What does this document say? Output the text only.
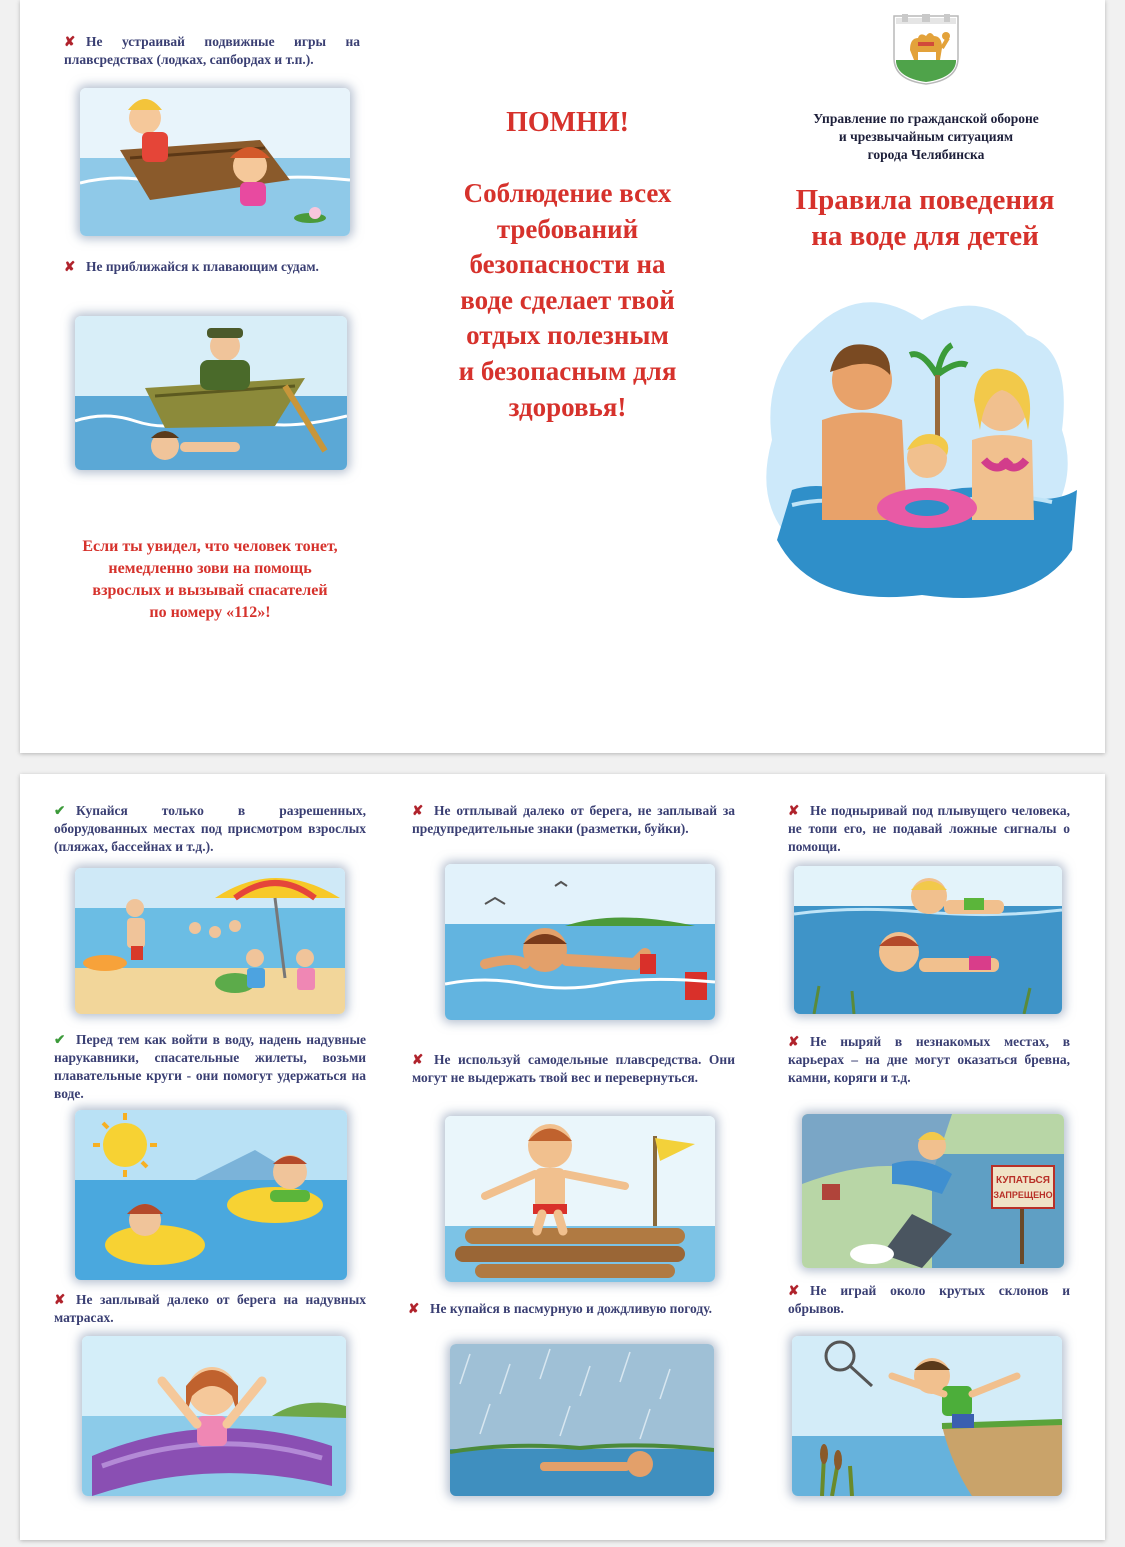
✘ Не устраивай подвижные игры на плавсредствах (лодках, сапбордах и т.п.).
✘ Не приближайся к плавающим судам.
Если ты увидел, что человек тонет,
немедленно зови на помощь
взрослых и вызывай спасателей
по номеру «112»!
ПОМНИ!
Соблюдение всех
требований
безопасности на
воде сделает твой
отдых полезным
и безопасным для
здоровья!
Управление по гражданской обороне
и чрезвычайным ситуациям
города Челябинска
Правила поведения
на воде для детей
✔ Купайся только в разрешенных, оборудованных местах под присмотром взрослых (пляжах, бассейнах и т.д.).
✔ Перед тем как войти в воду, надень надувные нарукавники, спасательные жилеты, возьми плавательные круги - они помогут удержаться на воде.
✘ Не заплывай далеко от берега на надувных матрасах.
✘ Не отплывай далеко от берега, не заплывай за предупредительные знаки (разметки, буйки).
✘ Не используй самодельные плавсредства. Они могут не выдержать твой вес и перевернуться.
✘ Не купайся в пасмурную и дождливую погоду.
✘ Не подныривай под плывущего человека, не топи его, не подавай ложные сигналы о помощи.
✘ Не ныряй в незнакомых местах, в карьерах – на дне могут оказаться бревна, камни, коряги и т.д.
КУПАТЬСЯ
ЗАПРЕЩЕНО
✘ Не играй около крутых склонов и обрывов.
